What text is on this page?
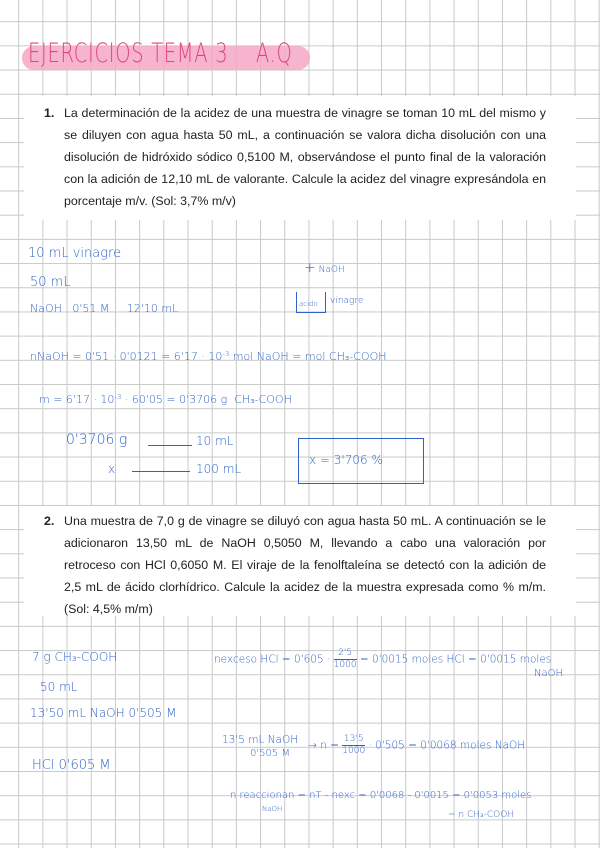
EJERCICIOS TEMA 3    A.Q
1. La determinación de la acidez de una muestra de vinagre se toman 10 mL del mismo y se diluyen con agua hasta 50 mL, a continuación se valora dicha disolución con una disolución de hidróxido sódico 0,5100 M, observándose el punto final de la valoración con la adición de 12,10 mL de valorante. Calcule la acidez del vinagre expresándola en porcentaje m/v. (Sol: 3,7% m/v)
10 mL vinagre
50 mL
NaOH   0'51 M     12'10 mL
+ NaOH
acido vinagre
nNaOH = $0'51 \cdot 0'0121 = 6'17 \cdot 10^{-3}$ mol NaOH = mol CH₃-COOH

$m = 6'17 \cdot 10^{-3} \cdot 60'05 = 0'3706$ g  CH₃-COOH

0'3706 g	10 mL
x	100 mL
x = 3'706 %
2. Una muestra de 7,0 g de vinagre se diluyó con agua hasta 50 mL. A continuación se le adicionaron 13,50 mL de NaOH 0,5050 M, llevando a cabo una valoración por retroceso con HCl 0,6050 M. El viraje de la fenolftaleína se detectó con la adición de 2,5 mL de ácido clorhídrico. Calcule la acidez de la muestra expresada como % m/m. (Sol: 4,5% m/m)
7 g CH₃-COOH
50 mL
13'50 mL NaOH 0'505 M
HCl 0'605 M
nexceso HCl = $0'605 \cdot \frac{2'5}{1000} = 0'0015$ moles HCl = 0'0015 moles
NaOH
13'5 mL NaOH
0'505 M
→ $n = \frac{13'5}{1000} \cdot 0'505 = 0'0068$ moles NaOH
n reaccionan = nT - nexc = 0'0068 - 0'0015 = 0'0053 moles
NaOH
= n CH₃-COOH
